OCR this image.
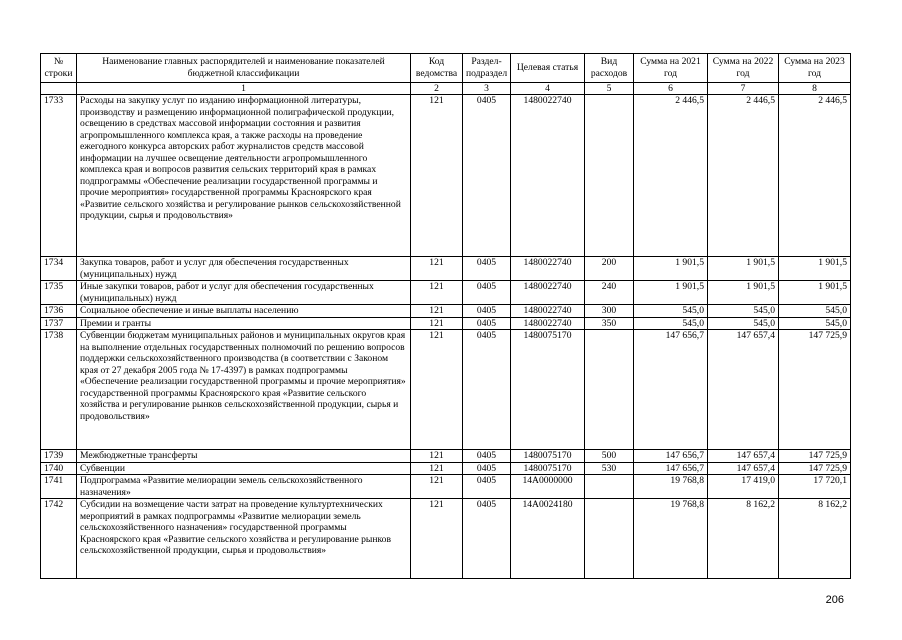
№ строки	Наименование главных распорядителей и наименование показателей бюджетной классификации	Код ведомства	Раздел-подраздел	Целевая статья	Вид расходов	Сумма на 2021 год	Сумма на 2022 год	Сумма на 2023 год
	1	2	3	4	5	6	7	8
1733	Расходы на закупку услуг по изданию информационной литературы, производству и размещению информационной полиграфической продукции, освещению в средствах массовой информации состояния и развития агропромышленного комплекса края, а также расходы на проведение ежегодного конкурса авторских работ журналистов средств массовой информации на лучшее освещение деятельности агропромышленного комплекса края и вопросов развития сельских территорий края в рамках подпрограммы «Обеспечение реализации государственной программы и прочие мероприятия» государственной программы Красноярского края «Развитие сельского хозяйства и регулирование рынков сельскохозяйственной продукции, сырья и продовольствия»	121	0405	1480022740		2 446,5	2 446,5	2 446,5
1734	Закупка товаров, работ и услуг для обеспечения государственных (муниципальных) нужд	121	0405	1480022740	200	1 901,5	1 901,5	1 901,5
1735	Иные закупки товаров, работ и услуг для обеспечения государственных (муниципальных) нужд	121	0405	1480022740	240	1 901,5	1 901,5	1 901,5
1736	Социальное обеспечение и иные выплаты населению	121	0405	1480022740	300	545,0	545,0	545,0
1737	Премии и гранты	121	0405	1480022740	350	545,0	545,0	545,0
1738	Субвенции бюджетам муниципальных районов и муниципальных округов края на выполнение отдельных государственных полномочий по решению вопросов поддержки сельскохозяйственного производства (в соответствии с Законом края от 27 декабря 2005 года № 17-4397) в рамках подпрограммы «Обеспечение реализации государственной программы и прочие мероприятия» государственной программы Красноярского края «Развитие сельского хозяйства и регулирование рынков сельскохозяйственной продукции, сырья и продовольствия»	121	0405	1480075170		147 656,7	147 657,4	147 725,9
1739	Межбюджетные трансферты	121	0405	1480075170	500	147 656,7	147 657,4	147 725,9
1740	Субвенции	121	0405	1480075170	530	147 656,7	147 657,4	147 725,9
1741	Подпрограмма «Развитие мелиорации земель сельскохозяйственного назначения»	121	0405	14А0000000		19 768,8	17 419,0	17 720,1
1742	Субсидии на возмещение части затрат на проведение культуртехнических мероприятий в рамках подпрограммы «Развитие мелиорации земель сельскохозяйственного назначения» государственной программы Красноярского края «Развитие сельского хозяйства и регулирование рынков сельскохозяйственной продукции, сырья и продовольствия»	121	0405	14А0024180		19 768,8	8 162,2	8 162,2
206
